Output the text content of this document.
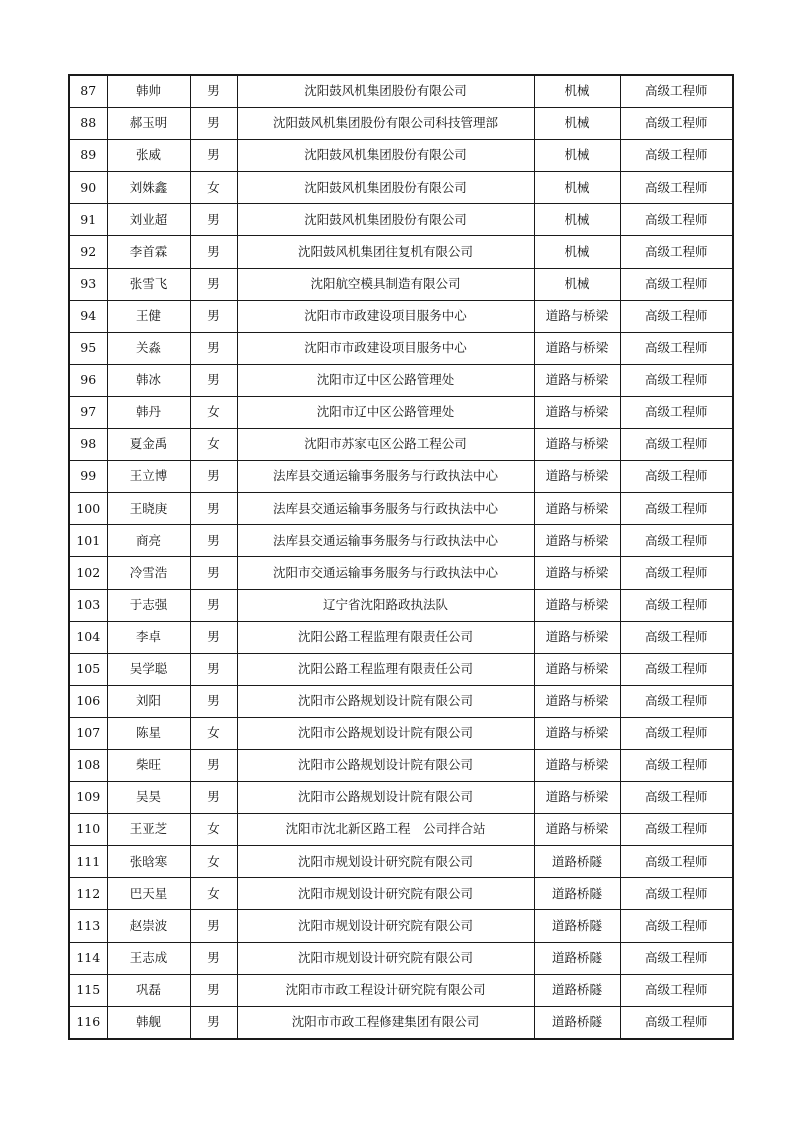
87	韩帅	男	沈阳鼓风机集团股份有限公司	机械	高级工程师
88	郝玉明	男	沈阳鼓风机集团股份有限公司科技管理部	机械	高级工程师
89	张威	男	沈阳鼓风机集团股份有限公司	机械	高级工程师
90	刘姝鑫	女	沈阳鼓风机集团股份有限公司	机械	高级工程师
91	刘业超	男	沈阳鼓风机集团股份有限公司	机械	高级工程师
92	李首霖	男	沈阳鼓风机集团往复机有限公司	机械	高级工程师
93	张雪飞	男	沈阳航空模具制造有限公司	机械	高级工程师
94	王健	男	沈阳市市政建设项目服务中心	道路与桥梁	高级工程师
95	关淼	男	沈阳市市政建设项目服务中心	道路与桥梁	高级工程师
96	韩冰	男	沈阳市辽中区公路管理处	道路与桥梁	高级工程师
97	韩丹	女	沈阳市辽中区公路管理处	道路与桥梁	高级工程师
98	夏金禹	女	沈阳市苏家屯区公路工程公司	道路与桥梁	高级工程师
99	王立博	男	法库县交通运输事务服务与行政执法中心	道路与桥梁	高级工程师
100	王晓庚	男	法库县交通运输事务服务与行政执法中心	道路与桥梁	高级工程师
101	商亮	男	法库县交通运输事务服务与行政执法中心	道路与桥梁	高级工程师
102	冷雪浩	男	沈阳市交通运输事务服务与行政执法中心	道路与桥梁	高级工程师
103	于志强	男	辽宁省沈阳路政执法队	道路与桥梁	高级工程师
104	李卓	男	沈阳公路工程监理有限责任公司	道路与桥梁	高级工程师
105	吴学聪	男	沈阳公路工程监理有限责任公司	道路与桥梁	高级工程师
106	刘阳	男	沈阳市公路规划设计院有限公司	道路与桥梁	高级工程师
107	陈星	女	沈阳市公路规划设计院有限公司	道路与桥梁	高级工程师
108	柴旺	男	沈阳市公路规划设计院有限公司	道路与桥梁	高级工程师
109	吴昊	男	沈阳市公路规划设计院有限公司	道路与桥梁	高级工程师
110	王亚芝	女	沈阳市沈北新区路工程　公司拌合站	道路与桥梁	高级工程师
111	张晗寒	女	沈阳市规划设计研究院有限公司	道路桥隧	高级工程师
112	巴天星	女	沈阳市规划设计研究院有限公司	道路桥隧	高级工程师
113	赵崇波	男	沈阳市规划设计研究院有限公司	道路桥隧	高级工程师
114	王志成	男	沈阳市规划设计研究院有限公司	道路桥隧	高级工程师
115	巩磊	男	沈阳市市政工程设计研究院有限公司	道路桥隧	高级工程师
116	韩舰	男	沈阳市市政工程修建集团有限公司	道路桥隧	高级工程师
